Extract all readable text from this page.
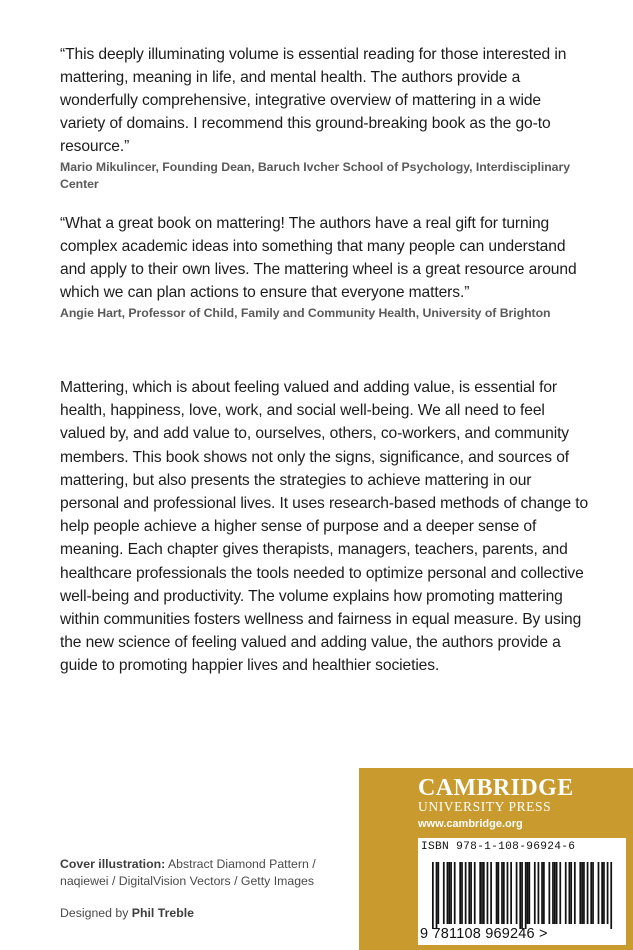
“This deeply illuminating volume is essential reading for those interested in mattering, meaning in life, and mental health. The authors provide a wonderfully comprehensive, integrative overview of mattering in a wide variety of domains. I recommend this ground-breaking book as the go-to resource.”

Mario Mikulincer, Founding Dean, Baruch Ivcher School of Psychology, Interdisciplinary Center

“What a great book on mattering! The authors have a real gift for turning complex academic ideas into something that many people can understand and apply to their own lives. The mattering wheel is a great resource around which we can plan actions to ensure that everyone matters.”

Angie Hart, Professor of Child, Family and Community Health, University of Brighton

Mattering, which is about feeling valued and adding value, is essential for health, happiness, love, work, and social well-being. We all need to feel valued by, and add value to, ourselves, others, co-workers, and community members. This book shows not only the signs, significance, and sources of mattering, but also presents the strategies to achieve mattering in our personal and professional lives. It uses research-based methods of change to help people achieve a higher sense of purpose and a deeper sense of meaning. Each chapter gives therapists, managers, teachers, parents, and healthcare professionals the tools needed to optimize personal and collective well-being and productivity. The volume explains how promoting mattering within communities fosters wellness and fairness in equal measure. By using the new science of feeling valued and adding value, the authors provide a guide to promoting happier lives and healthier societies.

Cover illustration: Abstract Diamond Pattern / naqiewei / DigitalVision Vectors / Getty Images
Designed by Phil Treble
CAMBRIDGE
UNIVERSITY PRESS
www.cambridge.org
ISBN 978-1-108-96924-6
9 781108 969246 >
